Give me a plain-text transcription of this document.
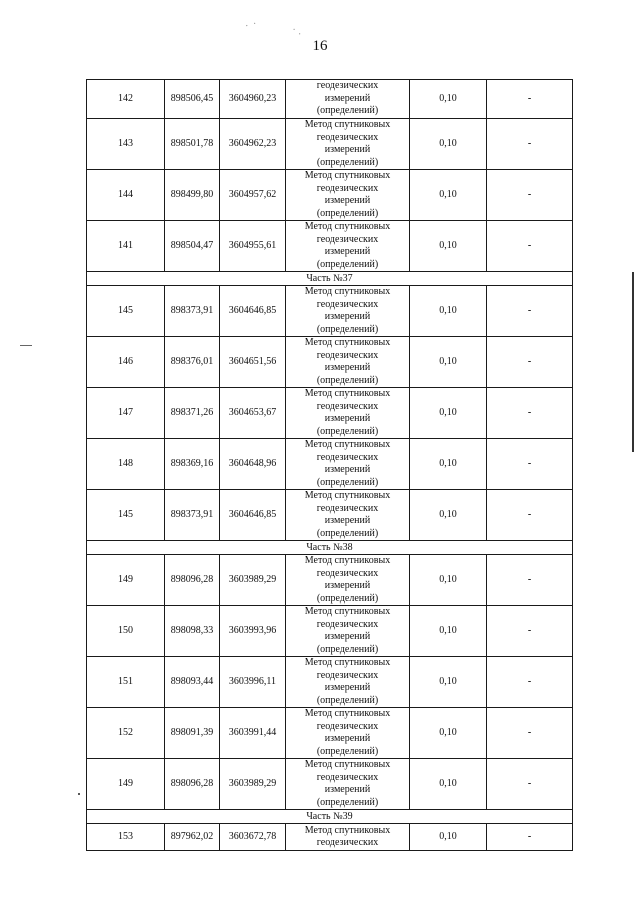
16
⠂ ⠁
⠈ ⠄
142	898506,45	3604960,23	геодезических
измерений
(определений)	0,10	-
143	898501,78	3604962,23	Метод спутниковых
геодезических
измерений
(определений)	0,10	-
144	898499,80	3604957,62	Метод спутниковых
геодезических
измерений
(определений)	0,10	-
141	898504,47	3604955,61	Метод спутниковых
геодезических
измерений
(определений)	0,10	-
Часть №37					
145	898373,91	3604646,85	Метод спутниковых
геодезических
измерений
(определений)	0,10	-
146	898376,01	3604651,56	Метод спутниковых
геодезических
измерений
(определений)	0,10	-
147	898371,26	3604653,67	Метод спутниковых
геодезических
измерений
(определений)	0,10	-
148	898369,16	3604648,96	Метод спутниковых
геодезических
измерений
(определений)	0,10	-
145	898373,91	3604646,85	Метод спутниковых
геодезических
измерений
(определений)	0,10	-
Часть №38					
149	898096,28	3603989,29	Метод спутниковых
геодезических
измерений
(определений)	0,10	-
150	898098,33	3603993,96	Метод спутниковых
геодезических
измерений
(определений)	0,10	-
151	898093,44	3603996,11	Метод спутниковых
геодезических
измерений
(определений)	0,10	-
152	898091,39	3603991,44	Метод спутниковых
геодезических
измерений
(определений)	0,10	-
149	898096,28	3603989,29	Метод спутниковых
геодезических
измерений
(определений)	0,10	-
Часть №39					
153	897962,02	3603672,78	Метод спутниковых
геодезических	0,10	-
